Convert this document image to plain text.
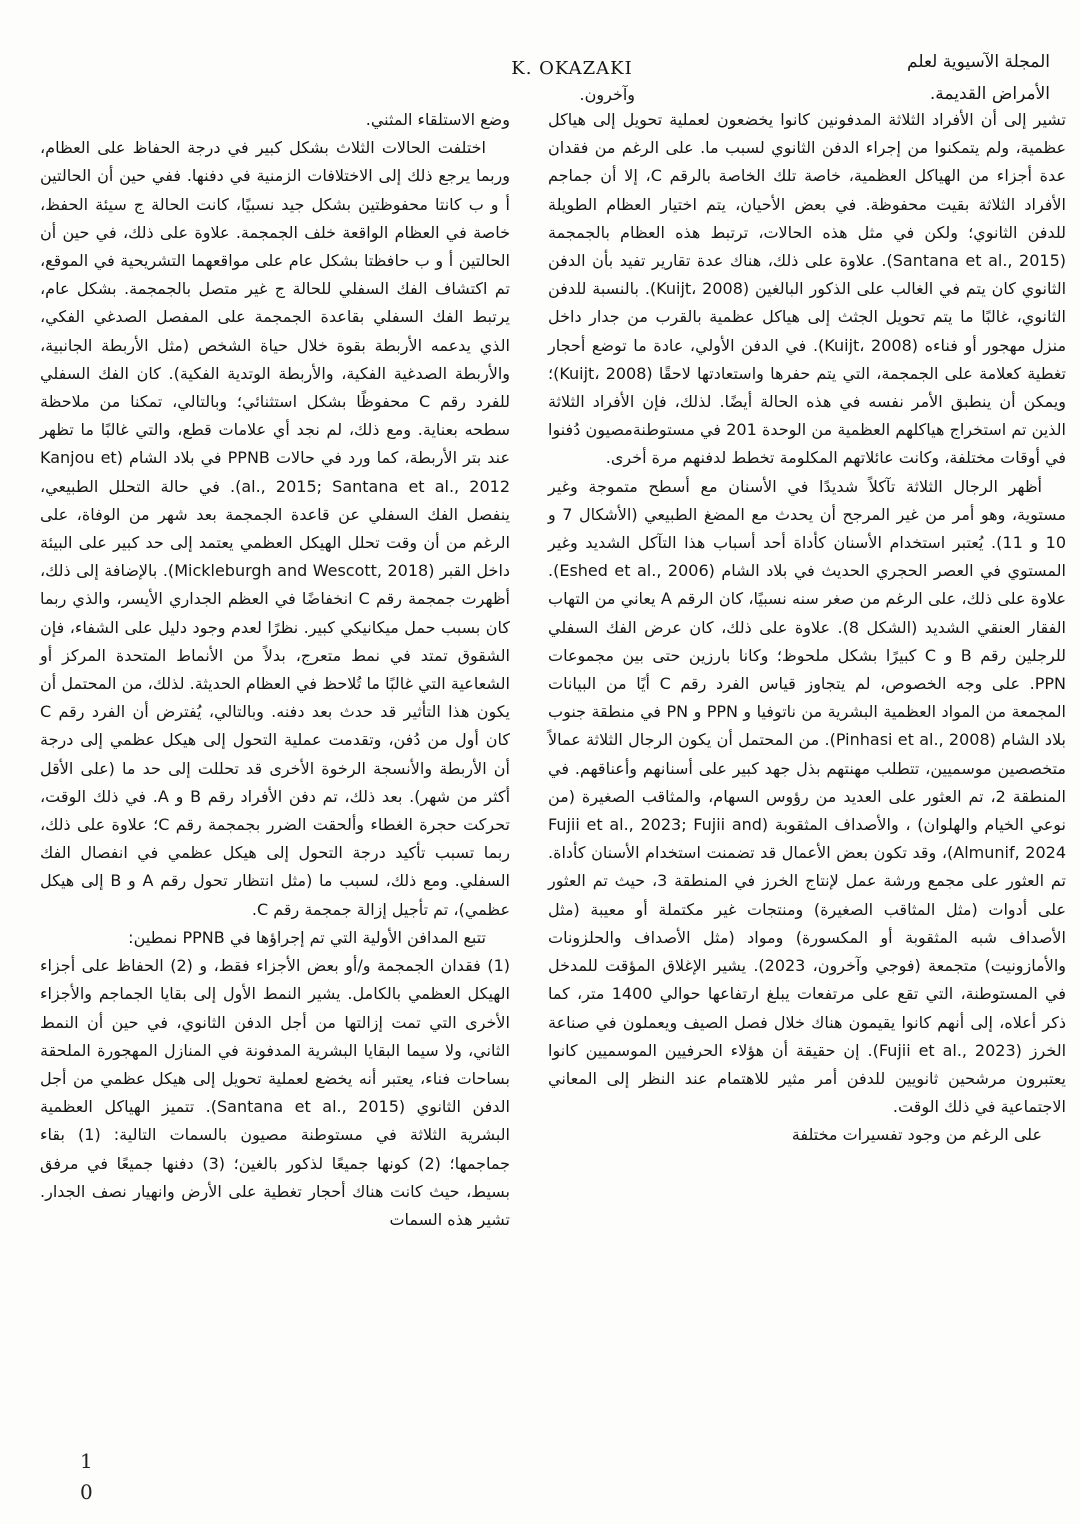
المجلة الآسيوية لعلم
الأمراض القديمة.
K. OKAZAKI
وآخرون.

تشير إلى أن الأفراد الثلاثة المدفونين كانوا يخضعون لعملية تحويل إلى هياكل عظمية، ولم يتمكنوا من إجراء الدفن الثانوي لسبب ما. على الرغم من فقدان عدة أجزاء من الهياكل العظمية، خاصة تلك الخاصة بالرقم C، إلا أن جماجم الأفراد الثلاثة بقيت محفوظة. في بعض الأحيان، يتم اختيار العظام الطويلة للدفن الثانوي؛ ولكن في مثل هذه الحالات، ترتبط هذه العظام بالجمجمة (Santana et al., 2015). علاوة على ذلك، هناك عدة تقارير تفيد بأن الدفن الثانوي كان يتم في الغالب على الذكور البالغين (Kuijt، 2008). بالنسبة للدفن الثانوي، غالبًا ما يتم تحويل الجثث إلى هياكل عظمية بالقرب من جدار داخل منزل مهجور أو فناءه (Kuijt، 2008). في الدفن الأولي، عادة ما توضع أحجار تغطية كعلامة على الجمجمة، التي يتم حفرها واستعادتها لاحقًا (Kuijt، 2008)؛ ويمكن أن ينطبق الأمر نفسه في هذه الحالة أيضًا. لذلك، فإن الأفراد الثلاثة الذين تم استخراج هياكلهم العظمية من الوحدة 201 في مستوطنةمصيون دُفنوا في أوقات مختلفة، وكانت عائلاتهم المكلومة تخطط لدفنهم مرة أخرى.

أظهر الرجال الثلاثة تآكلاً شديدًا في الأسنان مع أسطح متموجة وغير مستوية، وهو أمر من غير المرجح أن يحدث مع المضغ الطبيعي (الأشكال 7 و 10 و 11). يُعتبر استخدام الأسنان كأداة أحد أسباب هذا التآكل الشديد وغير المستوي في العصر الحجري الحديث في بلاد الشام (Eshed et al., 2006). علاوة على ذلك، على الرغم من صغر سنه نسبيًا، كان الرقم A يعاني من التهاب الفقار العنقي الشديد (الشكل 8). علاوة على ذلك، كان عرض الفك السفلي للرجلين رقم B و C كبيرًا بشكل ملحوظ؛ وكانا بارزين حتى بين مجموعات PPN. على وجه الخصوص، لم يتجاوز قياس الفرد رقم C أيًا من البيانات المجمعة من المواد العظمية البشرية من ناتوفيا و PPN و PN في منطقة جنوب بلاد الشام (Pinhasi et al., 2008). من المحتمل أن يكون الرجال الثلاثة عمالاً متخصصين موسميين، تتطلب مهنتهم بذل جهد كبير على أسنانهم وأعناقهم. في المنطقة 2، تم العثور على العديد من رؤوس السهام، والمثاقب الصغيرة (من نوعي الخيام والهلوان) ، والأصداف المثقوبة (Fujii et al., 2023; Fujii and Almunif, 2024)، وقد تكون بعض الأعمال قد تضمنت استخدام الأسنان كأداة. تم العثور على مجمع ورشة عمل لإنتاج الخرز في المنطقة 3، حيث تم العثور على أدوات (مثل المثاقب الصغيرة) ومنتجات غير مكتملة أو معيبة (مثل الأصداف شبه المثقوبة أو المكسورة) ومواد (مثل الأصداف والحلزونات والأمازونيت) متجمعة (فوجي وآخرون، 2023). يشير الإغلاق المؤقت للمدخل في المستوطنة، التي تقع على مرتفعات يبلغ ارتفاعها حوالي 1400 متر، كما ذكر أعلاه، إلى أنهم كانوا يقيمون هناك خلال فصل الصيف ويعملون في صناعة الخرز (Fujii et al., 2023). إن حقيقة أن هؤلاء الحرفيين الموسميين كانوا يعتبرون مرشحين ثانويين للدفن أمر مثير للاهتمام عند النظر إلى المعاني الاجتماعية في ذلك الوقت.

على الرغم من وجود تفسيرات مختلفة

وضع الاستلقاء المثني.

اختلفت الحالات الثلاث بشكل كبير في درجة الحفاظ على العظام، وربما يرجع ذلك إلى الاختلافات الزمنية في دفنها. ففي حين أن الحالتين أ و ب كانتا محفوظتين بشكل جيد نسبيًا، كانت الحالة ج سيئة الحفظ، خاصة في العظام الواقعة خلف الجمجمة. علاوة على ذلك، في حين أن الحالتين أ و ب حافظتا بشكل عام على مواقعهما التشريحية في الموقع، تم اكتشاف الفك السفلي للحالة ج غير متصل بالجمجمة. بشكل عام، يرتبط الفك السفلي بقاعدة الجمجمة على المفصل الصدغي الفكي، الذي يدعمه الأربطة بقوة خلال حياة الشخص (مثل الأربطة الجانبية، والأربطة الصدغية الفكية، والأربطة الوتدية الفكية). كان الفك السفلي للفرد رقم C محفوظًا بشكل استثنائي؛ وبالتالي، تمكنا من ملاحظة سطحه بعناية. ومع ذلك، لم نجد أي علامات قطع، والتي غالبًا ما تظهر عند بتر الأربطة، كما ورد في حالات PPNB في بلاد الشام (Kanjou et al., 2015; Santana et al., 2012). في حالة التحلل الطبيعي، ينفصل الفك السفلي عن قاعدة الجمجمة بعد شهر من الوفاة، على الرغم من أن وقت تحلل الهيكل العظمي يعتمد إلى حد كبير على البيئة داخل القبر (Mickleburgh and Wescott, 2018). بالإضافة إلى ذلك، أظهرت جمجمة رقم C انخفاضًا في العظم الجداري الأيسر، والذي ربما كان بسبب حمل ميكانيكي كبير. نظرًا لعدم وجود دليل على الشفاء، فإن الشقوق تمتد في نمط متعرج، بدلاً من الأنماط المتحدة المركز أو الشعاعية التي غالبًا ما تُلاحظ في العظام الحديثة. لذلك، من المحتمل أن يكون هذا التأثير قد حدث بعد دفنه. وبالتالي، يُفترض أن الفرد رقم C كان أول من دُفن، وتقدمت عملية التحول إلى هيكل عظمي إلى درجة أن الأربطة والأنسجة الرخوة الأخرى قد تحللت إلى حد ما (على الأقل أكثر من شهر). بعد ذلك، تم دفن الأفراد رقم B و A. في ذلك الوقت، تحركت حجرة الغطاء وألحقت الضرر بجمجمة رقم C؛ علاوة على ذلك، ربما تسبب تأكيد درجة التحول إلى هيكل عظمي في انفصال الفك السفلي. ومع ذلك، لسبب ما (مثل انتظار تحول رقم A و B إلى هيكل عظمي)، تم تأجيل إزالة جمجمة رقم C.

تتبع المدافن الأولية التي تم إجراؤها في PPNB نمطين:

(1) فقدان الجمجمة و/أو بعض الأجزاء فقط، و (2) الحفاظ على أجزاء الهيكل العظمي بالكامل. يشير النمط الأول إلى بقايا الجماجم والأجزاء الأخرى التي تمت إزالتها من أجل الدفن الثانوي، في حين أن النمط الثاني، ولا سيما البقايا البشرية المدفونة في المنازل المهجورة الملحقة بساحات فناء، يعتبر أنه يخضع لعملية تحويل إلى هيكل عظمي من أجل الدفن الثانوي (Santana et al., 2015). تتميز الهياكل العظمية البشرية الثلاثة في مستوطنة مصيون بالسمات التالية: (1) بقاء جماجمها؛ (2) كونها جميعًا لذكور بالغين؛ (3) دفنها جميعًا في مرفق بسيط، حيث كانت هناك أحجار تغطية على الأرض وانهيار نصف الجدار. تشير هذه السمات

1
0
